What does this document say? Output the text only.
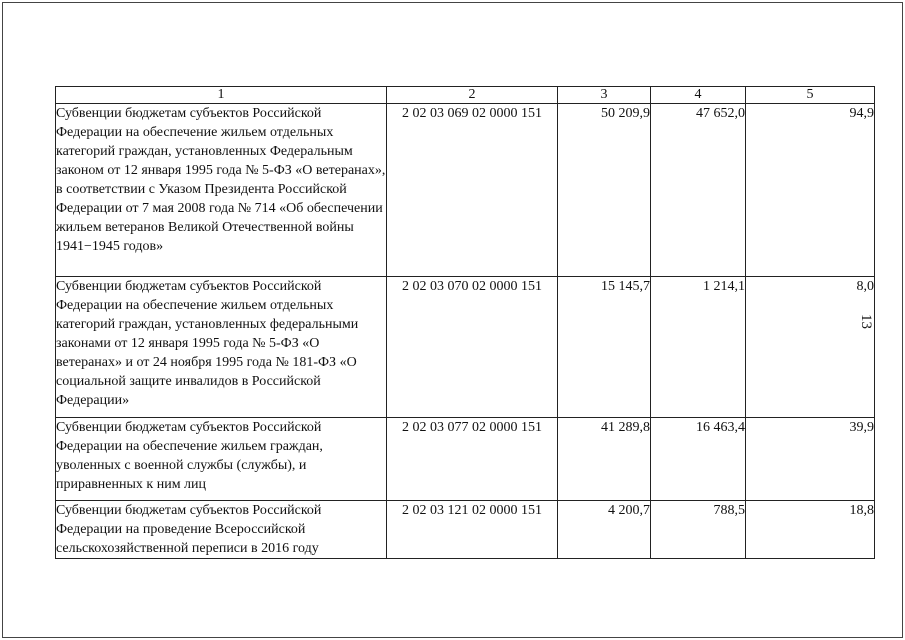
1	2	3	4	5
Субвенции бюджетам субъектов Российской Федерации на обеспечение жильем отдельных категорий граждан, установленных Федеральным законом от 12 января 1995 года № 5-ФЗ «О ветеранах», в соответствии с Указом Президента Российской Федерации от 7 мая 2008 года № 714 «Об обеспечении жильем ветеранов Великой Отечественной войны 1941−1945 годов»	2 02 03 069 02 0000 151	50 209,9	47 652,0	94,9
Субвенции бюджетам субъектов Российской Федерации на обеспечение жильем отдельных категорий граждан, установленных федеральными законами от 12 января 1995 года № 5-ФЗ «О ветеранах» и от 24 ноября 1995 года № 181-ФЗ «О социальной защите инвалидов в Российской Федерации»	2 02 03 070 02 0000 151	15 145,7	1 214,1	8,0
Субвенции бюджетам субъектов Российской Федерации на обеспечение жильем граждан, уволенных с военной службы (службы), и приравненных к ним лиц	2 02 03 077 02 0000 151	41 289,8	16 463,4	39,9
Субвенции бюджетам субъектов Российской Федерации на проведение Всероссийской сельскохозяйственной переписи в 2016 году	2 02 03 121 02 0000 151	4 200,7	788,5	18,8
13
